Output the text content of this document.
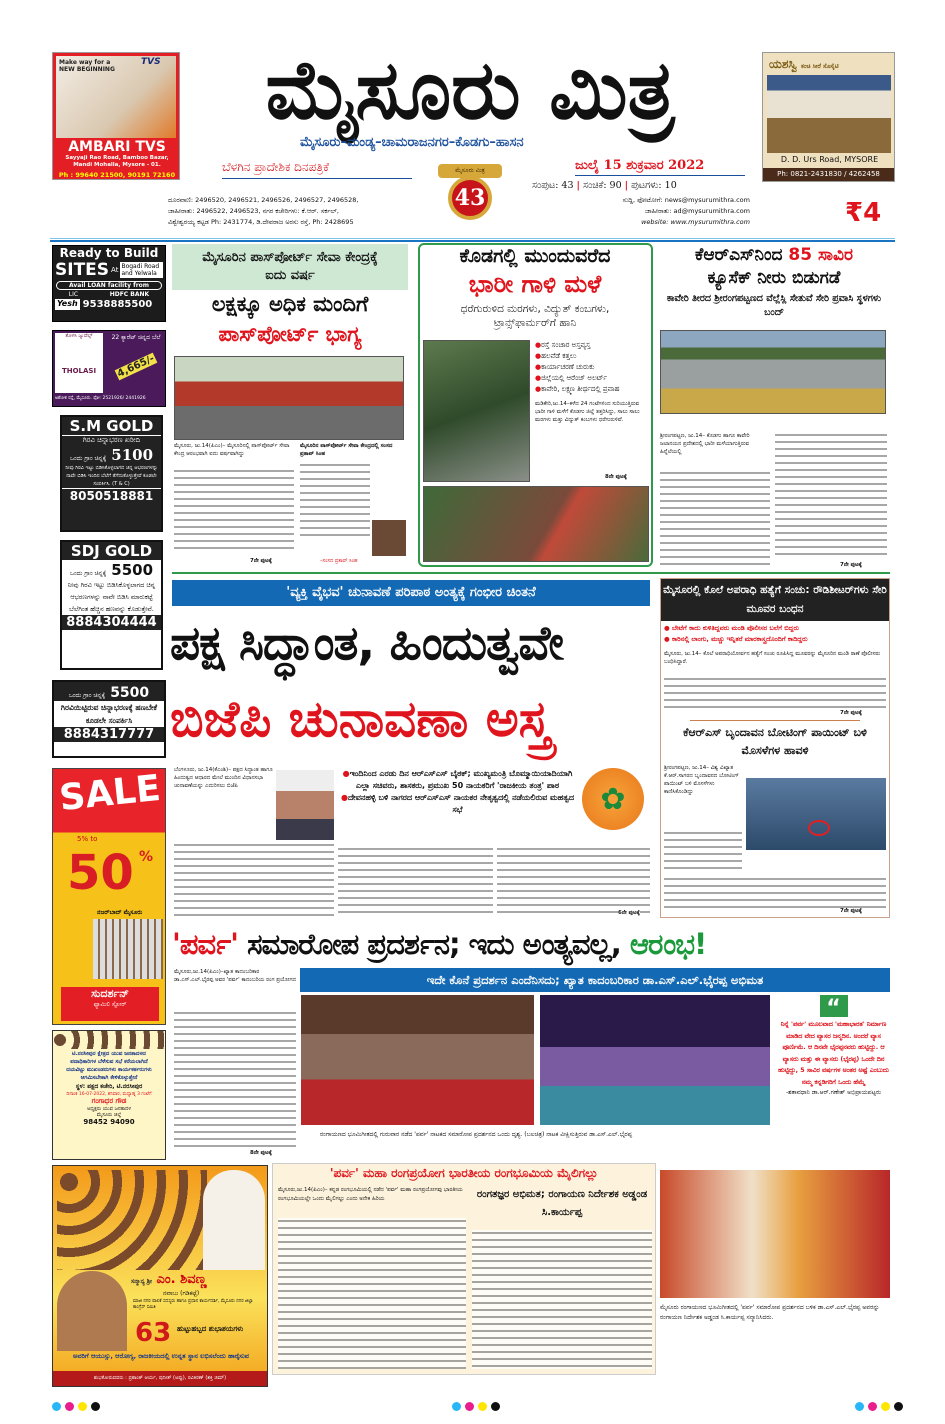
Make way for a NEW BEGINNING
TVS
AMBARI TVS
Sayyaji Rao Road, Bamboo Bazar, Mandi Mohalla, Mysore - 01.
Ph : 99640 21500, 90191 72160
ಮೈಸೂರು ಮಿತ್ರ
ಮೈಸೂರು–ಮಂಡ್ಯ–ಚಾಮರಾಜನಗರ–ಕೊಡಗು–ಹಾಸನ
ಬೆಳಗಿನ ಪ್ರಾದೇಶಿಕ ದಿನಪತ್ರಿಕೆ	ಮೈಸೂರು ಮಿತ್ರ
43
ಜುಲೈ 15 ಶುಕ್ರವಾರ 2022
ಸಂಪುಟ: 43 | ಸಂಚಿಕೆ: 90 | ಪುಟಗಳು: 10
ದೂರವಾಣಿ: 2496520, 2496521, 2496526, 2496527, 2496528,
ಜಾಹೀರಾತು: 2496522, 2496523, ನಗರ ಕಚೇರಿಗಳು: ಕೆ.ಆರ್. ಸರ್ಕಲ್,
ವಿಶ್ವೇಶ್ವರಯ್ಯ ಕಟ್ಟಡ Ph: 2431774, ಡಿ.ದೇವರಾಜ ಅರಸು ರಸ್ತೆ, Ph: 2428695
ಸುದ್ದಿ, ಫೋಟೋಗೆ: news@mysurumithra.com
ಜಾಹೀರಾತು: ad@mysurumithra.com
website: www.mysurumithra.com
ಯಶಸ್ವಿ ಕಂಚಿ ಸೀರೆ ಸೊಸೈಟಿ
D. D. Urs Road, MYSORE
Ph: 0821-2431830 / 4262458
₹4
Ready to Build
SITES At Bogadi Road and Yelwala
Avail LOAN facility from
LIC	HDFC BANK
Yesh 9538885500
ತೊಳಸಿ ಜ್ಯುವೆಲ್ಸ್
THOLASI
22 ಕ್ಯಾರೆಟ್ ಚಿನ್ನದ ಬೆಲೆ
4,665/-
ಅಶೋಕ ರಸ್ತೆ, ಮೈಸೂರು. ಫೋ: 2521926/ 2441926
S.M GOLD
ಗಿರವಿ ಚಿನ್ನಾಭರಣ ಖರೀದಿ
ಒಂದು ಗ್ರಾಂ ಚಿನ್ನಕ್ಕೆ 5100
ನೀವು ಗಿರವಿ ಇಟ್ಟು ಬಿಡಿಸಿಕೊಳ್ಳಲಾಗದ ಚಿನ್ನ ಆಭರಣಗಳನ್ನು ನಾವೇ ಬಿಡಿಸಿ ಇಂದಿನ ಬೆಲೆಗೆ ತೆಗೆದುಕೊಳ್ಳುತ್ತೇವೆ ಕೂಡಲೇ ಸಂಪರ್ಕಿಸಿ. (T & C)
8050518881
SDJ GOLD
ಒಂದು ಗ್ರಾಂ ಚಿನ್ನಕ್ಕೆ 5500
ನೀವು ಗಿರವಿ ಇಟ್ಟು ಬಿಡಿಸಿಕೊಳ್ಳಲಾಗದ ಚಿನ್ನ ಆಭರಣಗಳನ್ನು ನಾವೇ ಬಿಡಿಸಿ ಮಾರುಕಟ್ಟೆ ಬೆಲೆಗಿಂತ ಹೆಚ್ಚಿನ ಹಣವನ್ನು ಕೊಡುತ್ತೇವೆ.
8884304444
ಒಂದು ಗ್ರಾಂ ಚಿನ್ನಕ್ಕೆ 5500
ಗಿರವಿಯಿಟ್ಟಿರುವ ಚಿನ್ನಾಭರಣಕ್ಕೆ ಹಣಬೇಕೆ ಕೂಡಲೇ ಸಂಪರ್ಕಿಸಿ
8884317777
SALE
5% to
50 %
ನಜರ್‌ಬಾದ್ ಮೈಸೂರು
ಸುದರ್ಶನ್
ಫ್ಯಾಮಿಲಿ ಸ್ಟೋರ್
ಟಿ.ನರಸೀಪುರ ಕ್ಷೇತ್ರದ ಯುವ ಜನತಾದಳದ ಪದಾಧಿಕಾರಿಗಳ ಬೆಳೆಸುವ ಸಭೆ ಕರೆಯಲಾಗಿದೆ ದಯವಿಟ್ಟು ಮುಖಂಡರುಗಳು ಕಾರ್ಯಕರ್ತರುಗಳು ಆಗಮಿಸಬೇಕಾಗಿ ಕೇಳಿಕೊಳ್ಳುತ್ತೇನೆ
ಸ್ಥಳ: ಪಕ್ಷದ ಕಚೇರಿ, ಟಿ.ನರಸೀಪುರ
ದಿನಾಂಕ 16-07-2022, ಶನಿವಾರ, ಮಧ್ಯಾಹ್ನ 3 ಗಂಟೆಗೆ
ಗಂಗಾಧರ ಗೌಡ
ಅಧ್ಯಕ್ಷರು ಯುವ ಜನತಾದಳ ಮೈಸೂರು ಜಿಲ್ಲೆ
98452 94090
ಸನ್ಮಾನ್ಯ ಶ್ರೀ ಎಂ. ಶಿವಣ್ಣ
ನವಾಬು (ಗಡಿಕಟ್ಟೆ)
ಮಾಜಿ ನಗರ ಪಾಲಿಕೆ ಸದಸ್ಯರು ಹಾಗೂ ಪ್ರಧಾನ ಕಾರ್ಯದರ್ಶಿ, ಮೈಸೂರು ನಗರ ಜಿಲ್ಲಾ ಕಾಂಗ್ರೆಸ್ ಸಮಿತಿ
63 ಹುಟ್ಟುಹಬ್ಬದ ಶುಭಾಶಯಗಳು
ಅವರಿಗೆ ಆಯುಸ್ಸು, ಆರೋಗ್ಯ, ರಾಜಕೀಯದಲ್ಲಿ ಉನ್ನತ ಸ್ಥಾನ ಲಭಿಸಲೆಂದು ಹಾರೈಸುವ
ಶುಭಕೋರುವವರು : ಪ್ರಶಾಂತ್ ಆರ್ಯ, ಪುನೀತ್ (ಅಪ್ಪು), ರವಿಕಿರಣ್ (ಶಕ್ತಿ ಜಿಮ್)
ಮೈಸೂರಿನ ಪಾಸ್‌ಪೋರ್ಟ್ ಸೇವಾ ಕೇಂದ್ರಕ್ಕೆ ಐದು ವರ್ಷ
ಲಕ್ಷಕ್ಕೂ ಅಧಿಕ ಮಂದಿಗೆ
ಪಾಸ್‌ಪೋರ್ಟ್ ಭಾಗ್ಯ
ಮೈಸೂರು, ಜು.14(ಪಿಎಂ)– ಮೈಸೂರಿನಲ್ಲಿ ಪಾಸ್‌ಪೋರ್ಟ್ ಸೇವಾ ಕೇಂದ್ರ ಆರಂಭವಾಗಿ ಐದು ವರ್ಷವಾಗಿದ್ದು
ಮೈಸೂರಿನ ಪಾಸ್‌ಪೋರ್ಟ್ ಸೇವಾ ಕೇಂದ್ರದಲ್ಲಿ ಸಂಸದ ಪ್ರತಾಪ್ ಸಿಂಹ
–ಸಂಸದ ಪ್ರತಾಪ್ ಸಿಂಹ
7ನೇ ಪುಟಕ್ಕೆ
ಕೊಡಗಲ್ಲಿ ಮುಂದುವರೆದ
ಭಾರೀ ಗಾಳಿ ಮಳೆ
ಧರೆಗುರುಳಿದ ಮರಗಳು, ವಿದ್ಯುತ್ ಕಂಬಗಳು, ಟ್ರಾನ್ಸ್‌ಫಾರ್ಮರ್‌ಗೆ ಹಾನಿ
●ರಸ್ತೆ ಸಂಚಾರ ಅಸ್ತವ್ಯಸ್ತ
●ಹಲವೆಡೆ ಕತ್ತಲು
●ಕಾರ್ಯಾಚರಣೆ ಚುರುಕು
●ಜಿಲ್ಲೆಯಲ್ಲಿ ಆರೆಂಜ್ ಅಲರ್ಟ್
●ಕಾವೇರಿ, ಲಕ್ಷ್ಮಣ ತೀರ್ಥದಲ್ಲಿ ಪ್ರವಾಹ
ಮಡಿಕೇರಿ,ಜು.14–ಕಳೆದ 24 ಗಂಟೆಗಳಿಂದ ಸುರಿಯುತ್ತಿರುವ ಭಾರೀ ಗಾಳಿ ಮಳೆಗೆ ಕೊಡಗು ಜಿಲ್ಲೆ ತತ್ತರಿಸಿದ್ದು, ಸಾಲು ಸಾಲು ಮರಗಳು ಮತ್ತು ವಿದ್ಯುತ್ ಕಂಬಗಳು ಧರೆಗುರುಳಿವೆ.
8ನೇ ಪುಟಕ್ಕೆ
ಕೆಆರ್‌ಎಸ್‌ನಿಂದ 85 ಸಾವಿರ
ಕ್ಯೂಸೆಕ್ ನೀರು ಬಿಡುಗಡೆ
ಕಾವೇರಿ ತೀರದ ಶ್ರೀರಂಗಪಟ್ಟಣದ ವೆಲ್ಲೆಸ್ಲಿ ಸೇತುವೆ ಸೇರಿ ಪ್ರವಾಸಿ ಸ್ಥಳಗಳು ಬಂದ್
ಶ್ರೀರಂಗಪಟ್ಟಣ, ಜು.14– ಕೊಡಗು ಹಾಗೂ ಕಾವೇರಿ ಜಲಾನಯನ ಪ್ರದೇಶದಲ್ಲಿ ಭಾರೀ ಮಳೆಯಾಗುತ್ತಿರುವ ಹಿನ್ನೆಲೆಯಲ್ಲಿ
7ನೇ ಪುಟಕ್ಕೆ
'ವ್ಯಕ್ತಿ ವೈಭವ' ಚುನಾವಣೆ ಪರಿಪಾಠ ಅಂತ್ಯಕ್ಕೆ ಗಂಭೀರ ಚಿಂತನೆ
ಪಕ್ಷ ಸಿದ್ಧಾಂತ, ಹಿಂದುತ್ವವೇ
ಬಿಜೆಪಿ ಚುನಾವಣಾ ಅಸ್ತ್ರ
ಬೆಂಗಳೂರು, ಜು.14(ಕೆಎಂಶಿ)– ಪಕ್ಷದ ಸಿದ್ಧಾಂತ ಹಾಗೂ ಹಿಂದುತ್ವದ ಆಧಾರದ ಮೇಲೆ ಮುಂದಿನ ವಿಧಾನಸಭಾ ಚುನಾವಣೆಯನ್ನು ಎದುರಿಸಲು ಬಿಜೆಪಿ
●ಇಂದಿನಿಂದ ಎರಡು ದಿನ ಆರ್‌ಎಸ್‌ಎಸ್ ಬೈಠಕ್; ಮುಖ್ಯಮಂತ್ರಿ ಬೊಮ್ಮಾಯಿಯಾದಿಯಾಗಿ ಎಲ್ಲಾ ಸಚಿವರು, ಶಾಸಕರು, ಪ್ರಮುಖ 50 ನಾಯಕರಿಗೆ 'ರಾಜಕೀಯ ತಂತ್ರ' ಪಾಠ ●ದೇವನಹಳ್ಳಿ ಬಳಿ ನಾಗರದ ಆರ್‌ಎಸ್‌ಎಸ್ ನಾಯಕರ ನೇತೃತ್ವದಲ್ಲಿ ನಡೆಯಲಿರುವ ಮಹತ್ವದ ಸಭೆ	✿
6ನೇ ಪುಟಕ್ಕೆ
ಮೈಸೂರಲ್ಲಿ ಕೊಲೆ ಅಪರಾಧಿ ಹತ್ಯೆಗೆ ಸಂಚು: ರೌಡಿಶೀಟರ್‌ಗಳು ಸೇರಿ ಮೂವರ ಬಂಧನ
● ಬೇಟೆಗೆ ಕಾದು ಕುಳಿತಿದ್ದವರು ಮಂಡಿ ಪೊಲೀಸರ ಬಲೆಗೆ ಬಿದ್ದರು
● ಕಾರಿನಲ್ಲಿ ಲಾಂಗು, ಮಚ್ಚು ಇನ್ನಿತರೆ ಮಾರಕಾಸ್ತ್ರದೊಂದಿಗೆ ಕಾದಿದ್ದರು
ಮೈಸೂರು, ಜು.14– ಕೊಲೆ ಅಪರಾಧಿಯೋರ್ವನ ಹತ್ಯೆಗೆ ಸಂಚು ರೂಪಿಸಿದ್ದ ಮೂವರನ್ನು ಮೈಸೂರಿನ ಮಂಡಿ ಠಾಣೆ ಪೊಲೀಸರು ಬಂಧಿಸಿದ್ದಾರೆ.
7ನೇ ಪುಟಕ್ಕೆ
ಕೆಆರ್‌ಎಸ್ ಬೃಂದಾವನ ಬೋಟಿಂಗ್ ಪಾಯಿಂಟ್ ಬಳಿ ಮೊಸಳೆಗಳ ಹಾವಳಿ
ಶ್ರೀರಂಗಪಟ್ಟಣ, ಜು.14– ವಿಶ್ವ ವಿಖ್ಯಾತ ಕೆ.ಆರ್.ಸಾಗರದ ಬೃಂದಾವನದ ಬೋಟಿಂಗ್ ಪಾಯಿಂಟ್ ಬಳಿ ಮೊಸಳೆಗಳು ಕಾಣಿಸಿಕೊಂಡಿದ್ದು
7ನೇ ಪುಟಕ್ಕೆ
'ಪರ್ವ' ಸಮಾರೋಪ ಪ್ರದರ್ಶನ; ಇದು ಅಂತ್ಯವಲ್ಲ, ಆರಂಭ!
ಇದೇ ಕೊನೆ ಪ್ರದರ್ಶನ ಎಂದೆನಿಸದು; ಖ್ಯಾತ ಕಾದಂಬರಿಕಾರ ಡಾ.ಎಸ್.ಎಲ್.ಭೈರಪ್ಪ ಅಭಿಮತ
ಮೈಸೂರು,ಜು.14(ಪಿಎಂ)–ಖ್ಯಾತ ಕಾದಂಬರಿಕಾರ ಡಾ.ಎಸ್.ಎಲ್.ಭೈರಪ್ಪ ಅವರ 'ಪರ್ವ' ಕಾದಂಬರಿಯ ರಂಗ ಪ್ರಯೋಗದ
8ನೇ ಪುಟಕ್ಕೆ
“
ನಿನ್ನೆ 'ಪರ್ವ' ಮೂಲವಾದ 'ಮಹಾಭಾರತ' ನಿರ್ಮಾಣ ಮಾಡಿದ ವೇದ ವ್ಯಾಸರ ಜನ್ಮದಿನ. ಅಂದರೆ ವ್ಯಾಸ ಪೂರ್ಣಿಮೆ. ಆ ದಿನವೇ ಭೈರಪ್ಪನವರು ಹುಟ್ಟಿದ್ದು. ಆ ವ್ಯಾಸರು ಮತ್ತು ಈ ವ್ಯಾಸರು (ಭೈರಪ್ಪ) ಒಂದೇ ದಿನ ಹುಟ್ಟಿದ್ದು, 5 ಸಾವಿರ ವರ್ಷಗಳ ಅಂತರ ಅಷ್ಟೆ ಎಂಬುದು ನಮ್ಮ ಕನ್ನಡಿಗರಿಗೆ ಒಂದು ಹೆಮ್ಮೆ
-ಶತಾವಧಾನಿ ಡಾ.ಆರ್.ಗಣೇಶ್ ಅಭಿಪ್ರಾಯಪಟ್ಟರು
ರಂಗಾಯಣದ ಭೂಮಿಗೀತದಲ್ಲಿ ಗುರುವಾರ ನಡೆದ 'ಪರ್ವ' ನಾಟಕದ ಸಮಾರೋಪ ಪ್ರದರ್ಶನದ ಒಂದು ದೃಶ್ಯ. (ಬಲಚಿತ್ರ) ನಾಟಕ ವೀಕ್ಷಿಸುತ್ತಿರುವ ಡಾ.ಎಸ್.ಎಲ್.ಭೈರಪ್ಪ
'ಪರ್ವ' ಮಹಾ ರಂಗಪ್ರಯೋಗ ಭಾರತೀಯ ರಂಗಭೂಮಿಯ ಮೈಲಿಗಲ್ಲು
ಮೈಸೂರು,ಜು.14(ಪಿಎಂ)– ಕನ್ನಡ ರಂಗಭೂಮಿಯಲ್ಲಿ ನಡೆದ 'ಪರ್ವ' ಮಹಾ ರಂಗಪ್ರಯೋಗವು ಭಾರತೀಯ ರಂಗಭೂಮಿಯಲ್ಲೇ ಒಂದು ಮೈಲಿಗಲ್ಲು ಎಂದು ಅನೇಕ ಹಿರಿಯ	ರಂಗತಜ್ಞರ ಅಭಿಮತ; ರಂಗಾಯಣ ನಿರ್ದೇಶಕ ಅಡ್ಡಂಡ ಸಿ.ಕಾರ್ಯಪ್ಪ
ಮೈಸೂರು ರಂಗಾಯಣದ ಭೂಮಿಗೀತದಲ್ಲಿ 'ಪರ್ವ' ಸಮಾರೋಪ ಪ್ರದರ್ಶನದ ಬಳಿಕ ಡಾ.ಎಸ್.ಎಲ್.ಭೈರಪ್ಪ ಅವರನ್ನು ರಂಗಾಯಣ ನಿರ್ದೇಶಕ ಅಡ್ಡಂಡ ಸಿ.ಕಾರ್ಯಪ್ಪ ಸನ್ಮಾನಿಸಿದರು.
